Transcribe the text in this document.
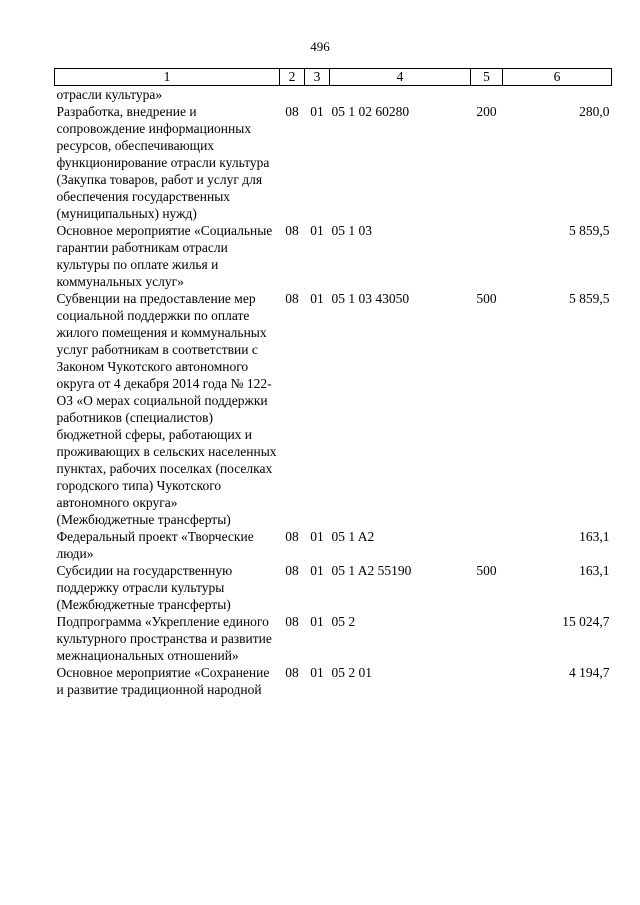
496
1	2	3	4	5	6
отрасли культура»					
Разработка, внедрение и сопровождение информационных ресурсов, обеспечивающих функционирование отрасли культура (Закупка товаров, работ и услуг для обеспечения государственных (муниципальных) нужд)	08	01	05 1 02 60280	200	280,0
Основное мероприятие «Социальные гарантии работникам отрасли культуры по оплате жилья и коммунальных услуг»	08	01	05 1 03		5 859,5
Субвенции на предоставление мер социальной поддержки по оплате жилого помещения и коммунальных услуг работникам в соответствии с Законом Чукотского автономного округа от 4 декабря 2014 года № 122-ОЗ «О мерах социальной поддержки работников (специалистов) бюджетной сферы, работающих и проживающих в сельских населенных пунктах, рабочих поселках (поселках городского типа) Чукотского автономного округа» (Межбюджетные трансферты)	08	01	05 1 03 43050	500	5 859,5
Федеральный проект «Творческие люди»	08	01	05 1 A2		163,1
Субсидии на государственную поддержку отрасли культуры (Межбюджетные трансферты)	08	01	05 1 A2 55190	500	163,1
Подпрограмма «Укрепление единого культурного пространства и развитие межнациональных отношений»	08	01	05 2		15 024,7
Основное мероприятие «Сохранение и развитие традиционной народной	08	01	05 2 01		4 194,7
